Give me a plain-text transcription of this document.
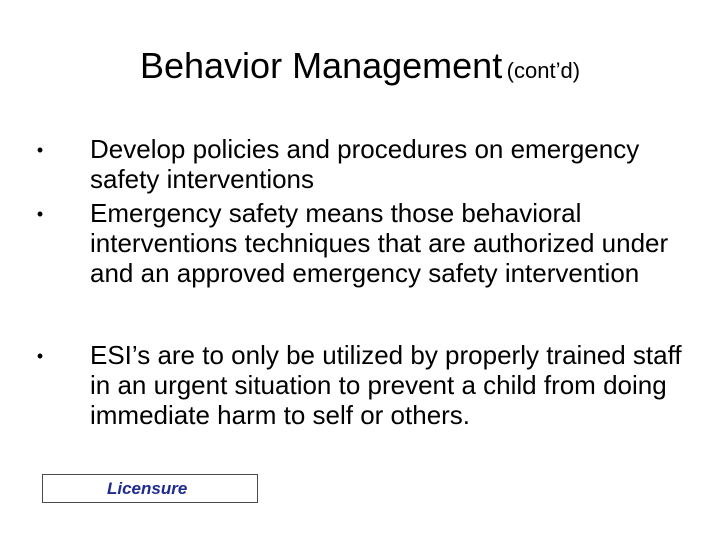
Behavior Management (cont’d)
•	Develop policies and procedures on emergency safety interventions

•	Emergency safety means those behavioral interventions techniques that are authorized under and an approved emergency safety intervention

•	ESI’s are to only be utilized by properly trained staff in an urgent situation to prevent a child from doing immediate harm to self or others.

Licensure
